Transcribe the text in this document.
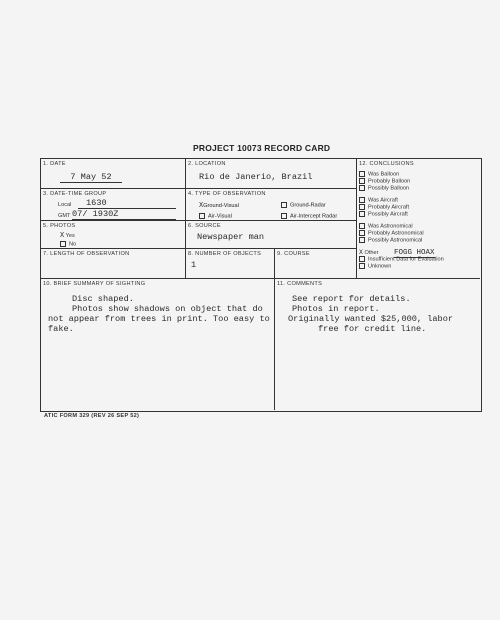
PROJECT 10073 RECORD CARD
1. DATE
7 May 52
2. LOCATION
Rio de Janerio, Brazil
3. DATE-TIME GROUP
Local	1630
GMT 07/ 1930Z
4. TYPE OF OBSERVATION
XGround-Visual	Ground-Radar
Air-Visual	Air-Intercept Radar
5. PHOTOS
X Yes
No
6. SOURCE
Newspaper man
7. LENGTH OF OBSERVATION	8. NUMBER OF OBJECTS
1
9. COURSE
12. CONCLUSIONS
Was Balloon
Probably Balloon
Possibly Balloon
Was Aircraft
Probably Aircraft
Possibly Aircraft
Was Astronomical
Probably Astronomical
Possibly Astronomical
X Other FOGG HOAX
Insufficient Data for Evaluation
Unknown
10. BRIEF SUMMARY OF SIGHTING
Disc shaped.
Photos show shadows on object that do
not appear from trees in print. Too easy to
fake.
11. COMMENTS
See report for details.
Photos in report.
Originally wanted $25,000, labor
free for credit line.
ATIC FORM 329 (REV 26 SEP 52)
